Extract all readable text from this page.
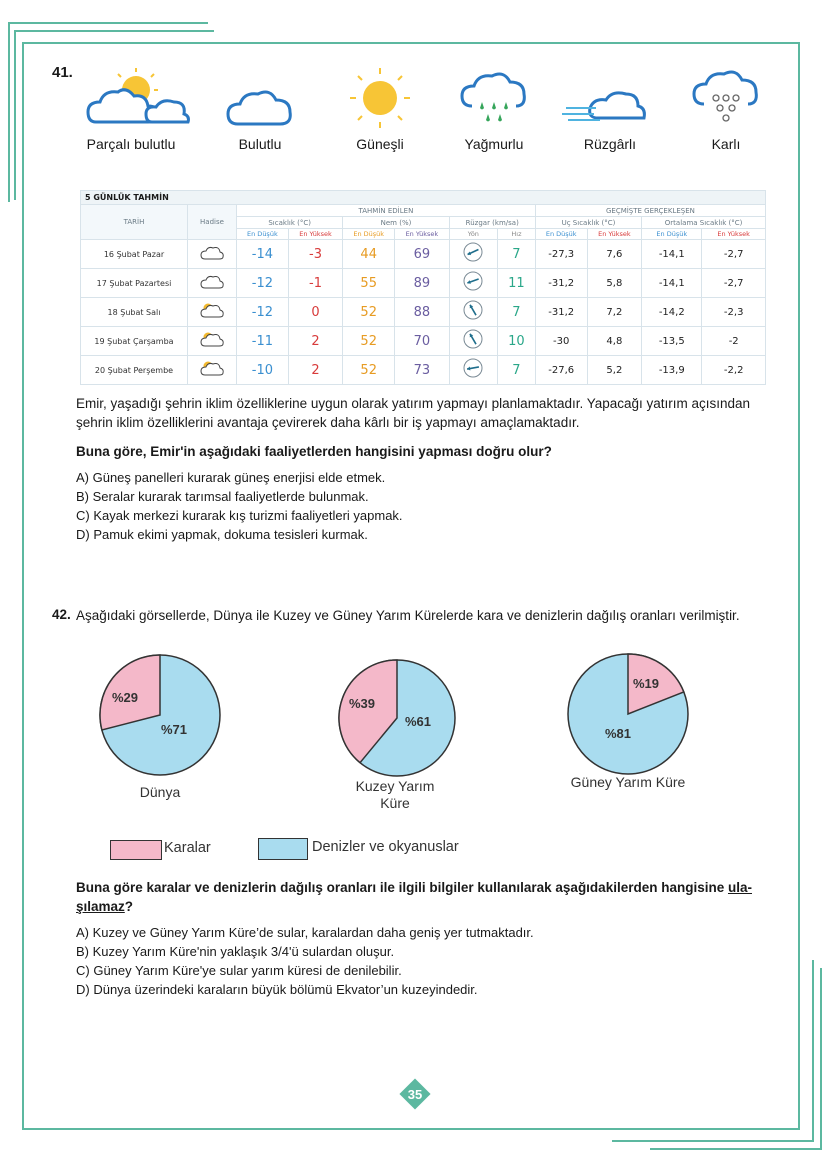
41.
Parçalı bulutlu	Bulutlu	Güneşli	Yağmurlu	Rüzgârlı	Karlı
5 GÜNLÜK TAHMİN											
TARİH	Hadise	TAHMİN EDİLEN						GEÇMİŞTE GERÇEKLEŞEN			
		Sıcaklık (°C)		Nem (%)		Rüzgar (km/sa)		Uç Sıcaklık (°C)		Ortalama Sıcaklık (°C)	
		En Düşük	En Yüksek	En Düşük	En Yüksek	Yön	Hız	En Düşük	En Yüksek	En Düşük	En Yüksek
16 Şubat Pazar		-14	-3	44	69		7	-27,3	7,6	-14,1	-2,7
17 Şubat Pazartesi		-12	-1	55	89		11	-31,2	5,8	-14,1	-2,7
18 Şubat Salı		-12	0	52	88		7	-31,2	7,2	-14,2	-2,3
19 Şubat Çarşamba		-11	2	52	70		10	-30	4,8	-13,5	-2
20 Şubat Perşembe		-10	2	52	73		7	-27,6	5,2	-13,9	-2,2
Emir, yaşadığı şehrin iklim özelliklerine uygun olarak yatırım yapmayı planlamaktadır. Yapacağı yatırım açısından şehrin iklim özelliklerini avantaja çevirerek daha kârlı bir iş yapmayı amaçlamaktadır.
Buna göre, Emir'in aşağıdaki faaliyetlerden hangisini yapması doğru olur?
A) Güneş panelleri kurarak güneş enerjisi elde etmek.
B) Seralar kurarak tarımsal faaliyetlerde bulunmak.
C) Kayak merkezi kurarak kış turizmi faaliyetleri yapmak.
D) Pamuk ekimi yapmak, dokuma tesisleri kurmak.
42. Aşağıdaki görsellerde, Dünya ile Kuzey ve Güney Yarım Kürelerde kara ve denizlerin dağılış oranları verilmiştir.
%29
%71
%39
%61
%19
%81
Dünya	Kuzey Yarım Küre
Güney Yarım Küre
Karalar	Denizler ve okyanuslar
Buna göre karalar ve denizlerin dağılış oranları ile ilgili bilgiler kullanılarak aşağıdakilerden hangisine ula-
şılamaz?
A) Kuzey ve Güney Yarım Küre’de sular, karalardan daha geniş yer tutmaktadır.
B) Kuzey Yarım Küre'nin yaklaşık 3/4'ü sulardan oluşur.
C) Güney Yarım Küre'ye sular yarım küresi de denilebilir.
D) Dünya üzerindeki karaların büyük bölümü Ekvator’un kuzeyindedir.
35
